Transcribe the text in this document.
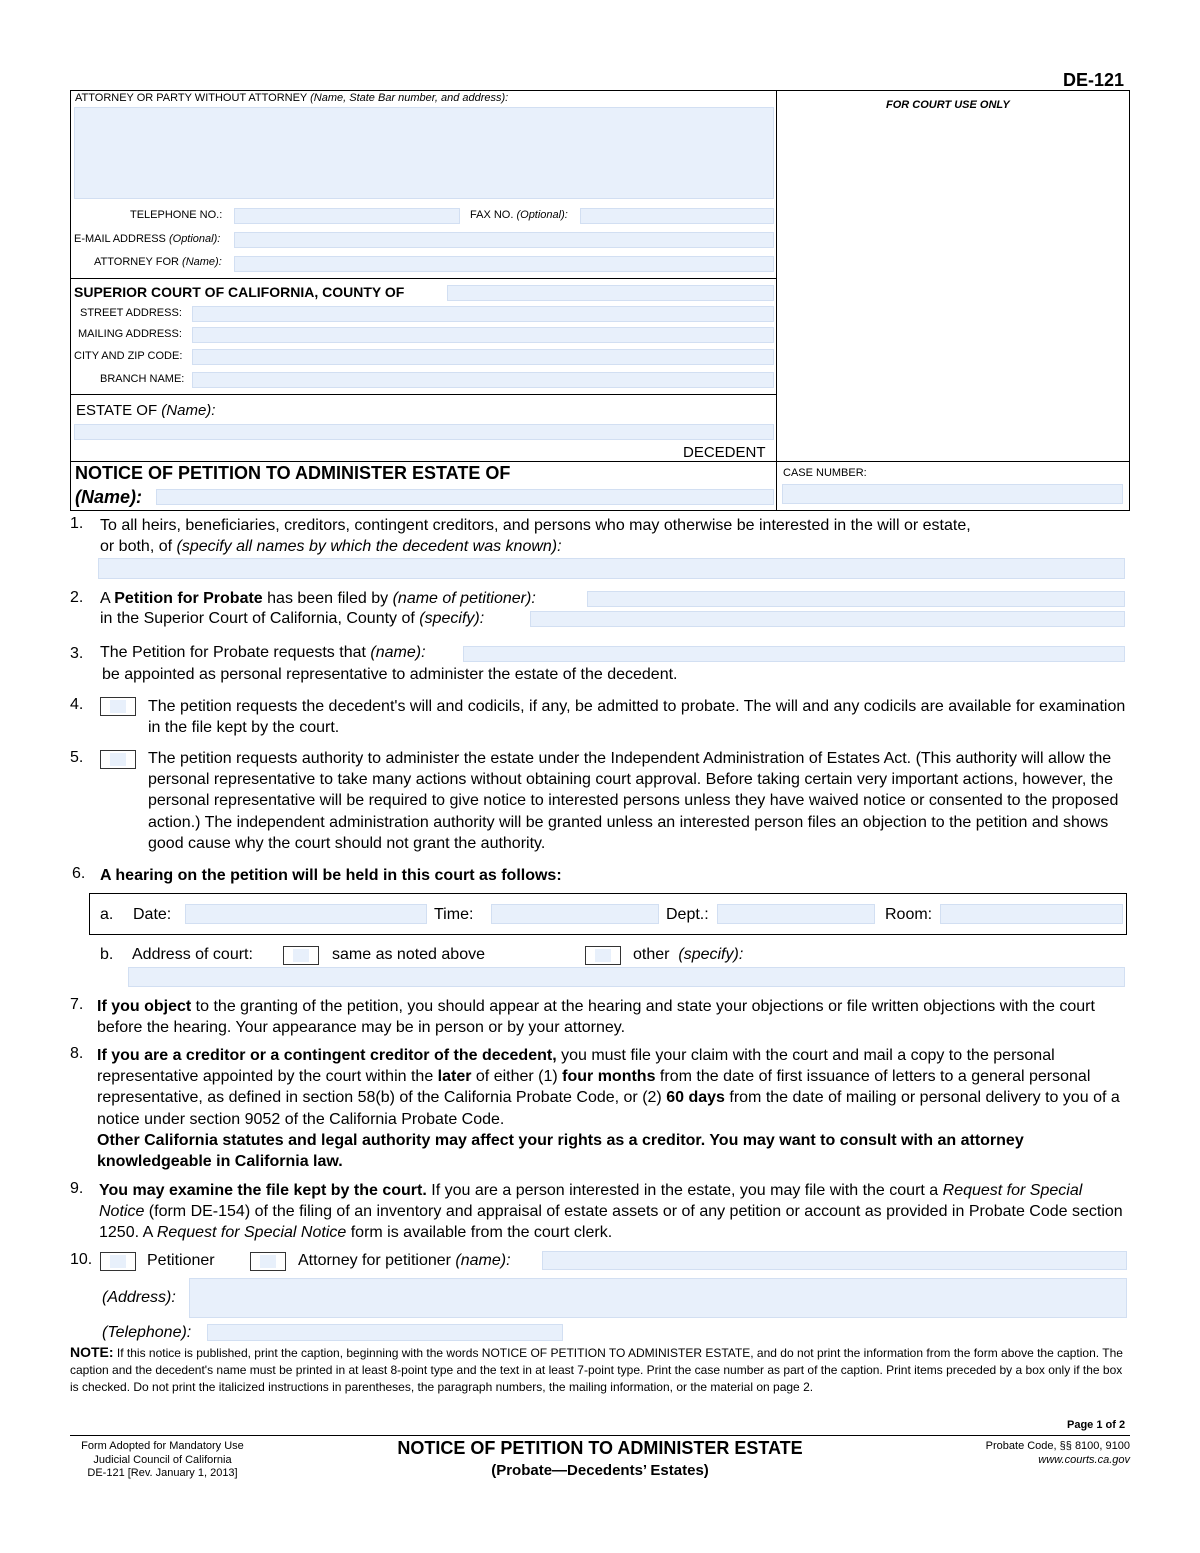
DE-121
ATTORNEY OR PARTY WITHOUT ATTORNEY (Name, State Bar number, and address):
TELEPHONE NO.:	FAX NO. (Optional):
E-MAIL ADDRESS (Optional):
ATTORNEY FOR (Name):
FOR COURT USE ONLY
SUPERIOR COURT OF CALIFORNIA, COUNTY OF
STREET ADDRESS:
MAILING ADDRESS:
CITY AND ZIP CODE:
BRANCH NAME:
ESTATE OF (Name):
DECEDENT
NOTICE OF PETITION TO ADMINISTER ESTATE OF
(Name):
CASE NUMBER:
1. To all heirs, beneficiaries, creditors, contingent creditors, and persons who may otherwise be interested in the will or estate,
or both, of (specify all names by which the decedent was known):
2. A Petition for Probate has been filed by (name of petitioner):
in the Superior Court of California, County of (specify):
3. The Petition for Probate requests that (name):
be appointed as personal representative to administer the estate of the decedent.
4.	The petition requests the decedent's will and codicils, if any, be admitted to probate. The will and any codicils are available for examination in the file kept by the court.

5.	The petition requests authority to administer the estate under the Independent Administration of Estates Act. (This authority will allow the personal representative to take many actions without obtaining court approval. Before taking certain very important actions, however, the personal representative will be required to give notice to interested persons unless they have waived notice or consented to the proposed action.) The independent administration authority will be granted unless an interested person files an objection to the petition and shows good cause why the court should not grant the authority.

6. A hearing on the petition will be held in this court as follows:
a. Date:	Time:	Dept.:	Room:
b. Address of court:	same as noted above	other (specify):
7. If you object to the granting of the petition, you should appear at the hearing and state your objections or file written objections with the court before the hearing. Your appearance may be in person or by your attorney.

8. If you are a creditor or a contingent creditor of the decedent, you must file your claim with the court and mail a copy to the personal representative appointed by the court within the later of either (1) four months from the date of first issuance of letters to a general personal representative, as defined in section 58(b) of the California Probate Code, or (2) 60 days from the date of mailing or personal delivery to you of a notice under section 9052 of the California Probate Code.
Other California statutes and legal authority may affect your rights as a creditor. You may want to consult with an attorney knowledgeable in California law.

9. You may examine the file kept by the court. If you are a person interested in the estate, you may file with the court a Request for Special Notice (form DE-154) of the filing of an inventory and appraisal of estate assets or of any petition or account as provided in Probate Code section 1250. A Request for Special Notice form is available from the court clerk.

10.	Petitioner	Attorney for petitioner (name):
(Address):
(Telephone):

NOTE: If this notice is published, print the caption, beginning with the words NOTICE OF PETITION TO ADMINISTER ESTATE, and do not print the information from the form above the caption. The caption and the decedent's name must be printed in at least 8-point type and the text in at least 7-point type. Print the case number as part of the caption. Print items preceded by a box only if the box is checked. Do not print the italicized instructions in parentheses, the paragraph numbers, the mailing information, or the material on page 2.

Page 1 of 2
Form Adopted for Mandatory Use
Judicial Council of California
DE-121 [Rev. January 1, 2013]
NOTICE OF PETITION TO ADMINISTER ESTATE
(Probate—Decedents’ Estates)
Probate Code, §§ 8100, 9100
www.courts.ca.gov
